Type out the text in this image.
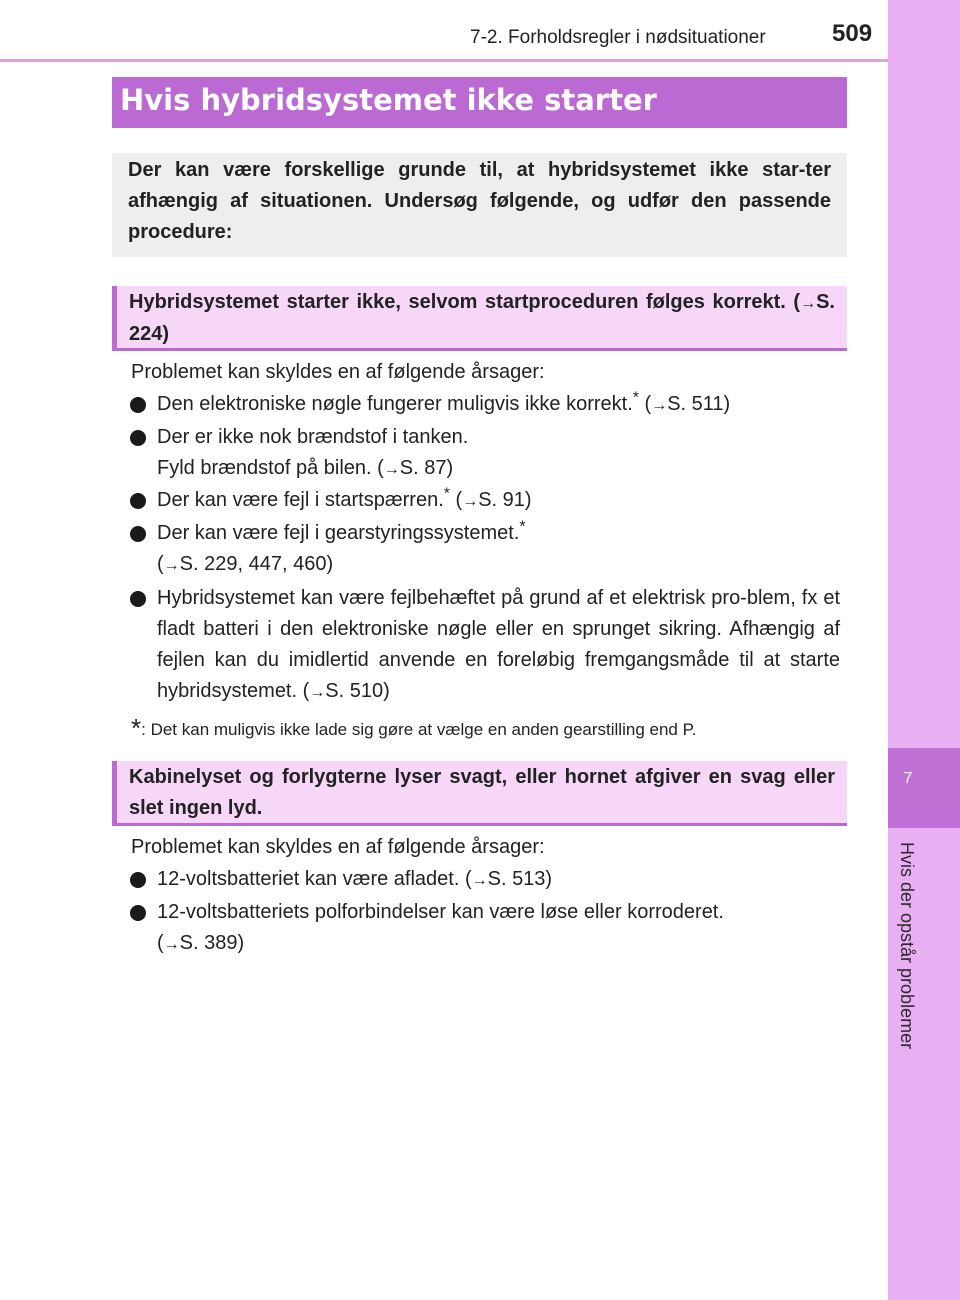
7-2. Forholdsregler i nødsituationer	509
7
Hvis der opstår problemer
Hvis hybridsystemet ikke starter

Der kan være forskellige grunde til, at hybridsystemet ikke star-ter afhængig af situationen. Undersøg følgende, og udfør den passende procedure:

Hybridsystemet starter ikke, selvom startproceduren følges korrekt. (→S. 224)

Problemet kan skyldes en af følgende årsager:
Den elektroniske nøgle fungerer muligvis ikke korrekt.* (→S. 511)
Der er ikke nok brændstof i tanken.
Fyld brændstof på bilen. (→S. 87)
Der kan være fejl i startspærren.* (→S. 91)
Der kan være fejl i gearstyringssystemet.*
(→S. 229, 447, 460)
Hybridsystemet kan være fejlbehæftet på grund af et elektrisk pro-blem, fx et fladt batteri i den elektroniske nøgle eller en sprunget sikring. Afhængig af fejlen kan du imidlertid anvende en foreløbig fremgangsmåde til at starte hybridsystemet. (→S. 510)
*: Det kan muligvis ikke lade sig gøre at vælge en anden gearstilling end P.

Kabinelyset og forlygterne lyser svagt, eller hornet afgiver en svag eller slet ingen lyd.

Problemet kan skyldes en af følgende årsager:
12-voltsbatteriet kan være afladet. (→S. 513)
12-voltsbatteriets polforbindelser kan være løse eller korroderet.
(→S. 389)
